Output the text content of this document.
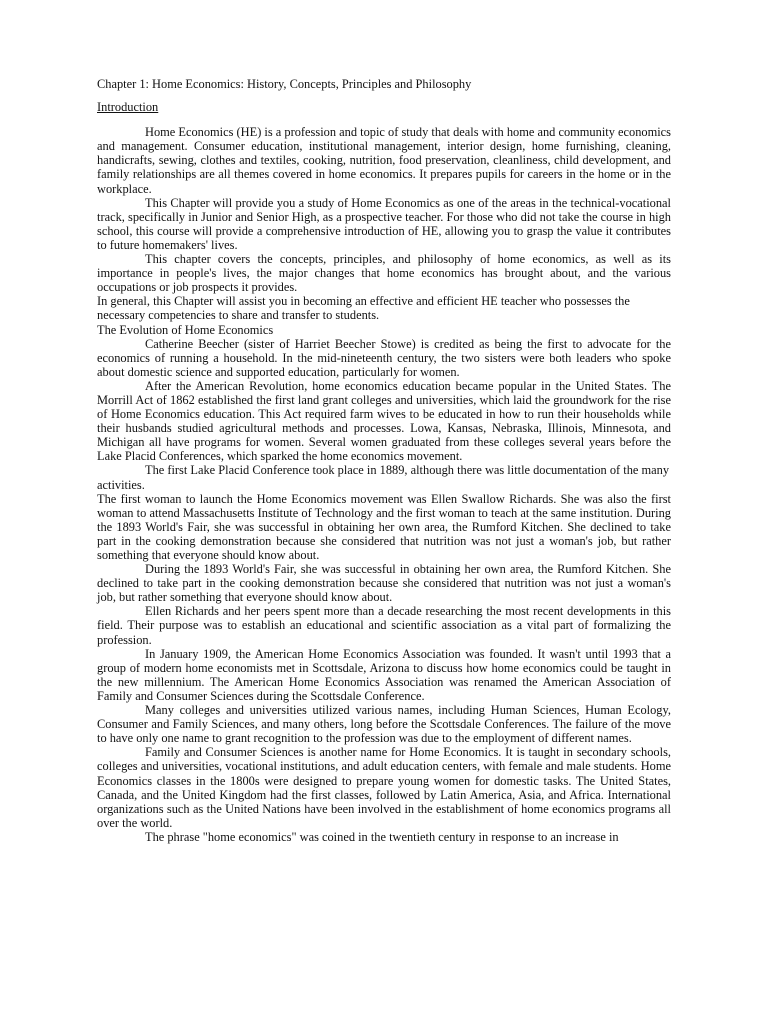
Chapter 1: Home Economics: History, Concepts, Principles and Philosophy
Introduction

Home Economics (HE) is a profession and topic of study that deals with home and community economics and management. Consumer education, institutional management, interior design, home furnishing, cleaning, handicrafts, sewing, clothes and textiles, cooking, nutrition, food preservation, cleanliness, child development, and family relationships are all themes covered in home economics. It prepares pupils for careers in the home or in the workplace.

This Chapter will provide you a study of Home Economics as one of the areas in the technical-vocational track, specifically in Junior and Senior High, as a prospective teacher. For those who did not take the course in high school, this course will provide a comprehensive introduction of HE, allowing you to grasp the value it contributes to future homemakers' lives.

This chapter covers the concepts, principles, and philosophy of home economics, as well as its importance in people's lives, the major changes that home economics has brought about, and the various occupations or job prospects it provides.

In general, this Chapter will assist you in becoming an effective and efficient HE teacher who possesses the necessary competencies to share and transfer to students.

The Evolution of Home Economics

Catherine Beecher (sister of Harriet Beecher Stowe) is credited as being the first to advocate for the economics of running a household. In the mid-nineteenth century, the two sisters were both leaders who spoke about domestic science and supported education, particularly for women.

After the American Revolution, home economics education became popular in the United States. The Morrill Act of 1862 established the first land grant colleges and universities, which laid the groundwork for the rise of Home Economics education. This Act required farm wives to be educated in how to run their households while their husbands studied agricultural methods and processes. Lowa, Kansas, Nebraska, Illinois, Minnesota, and Michigan all have programs for women. Several women graduated from these colleges several years before the Lake Placid Conferences, which sparked the home economics movement.

The first Lake Placid Conference took place in 1889, although there was little documentation of the many activities.

The first woman to launch the Home Economics movement was Ellen Swallow Richards. She was also the first woman to attend Massachusetts Institute of Technology and the first woman to teach at the same institution. During the 1893 World's Fair, she was successful in obtaining her own area, the Rumford Kitchen. She declined to take part in the cooking demonstration because she considered that nutrition was not just a woman's job, but rather something that everyone should know about.

During the 1893 World's Fair, she was successful in obtaining her own area, the Rumford Kitchen. She declined to take part in the cooking demonstration because she considered that nutrition was not just a woman's job, but rather something that everyone should know about.

Ellen Richards and her peers spent more than a decade researching the most recent developments in this field. Their purpose was to establish an educational and scientific association as a vital part of formalizing the profession.

In January 1909, the American Home Economics Association was founded. It wasn't until 1993 that a group of modern home economists met in Scottsdale, Arizona to discuss how home economics could be taught in the new millennium. The American Home Economics Association was renamed the American Association of Family and Consumer Sciences during the Scottsdale Conference.

Many colleges and universities utilized various names, including Human Sciences, Human Ecology, Consumer and Family Sciences, and many others, long before the Scottsdale Conferences. The failure of the move to have only one name to grant recognition to the profession was due to the employment of different names.

Family and Consumer Sciences is another name for Home Economics. It is taught in secondary schools, colleges and universities, vocational institutions, and adult education centers, with female and male students. Home Economics classes in the 1800s were designed to prepare young women for domestic tasks. The United States, Canada, and the United Kingdom had the first classes, followed by Latin America, Asia, and Africa. International organizations such as the United Nations have been involved in the establishment of home economics programs all over the world.

The phrase "home economics" was coined in the twentieth century in response to an increase in
